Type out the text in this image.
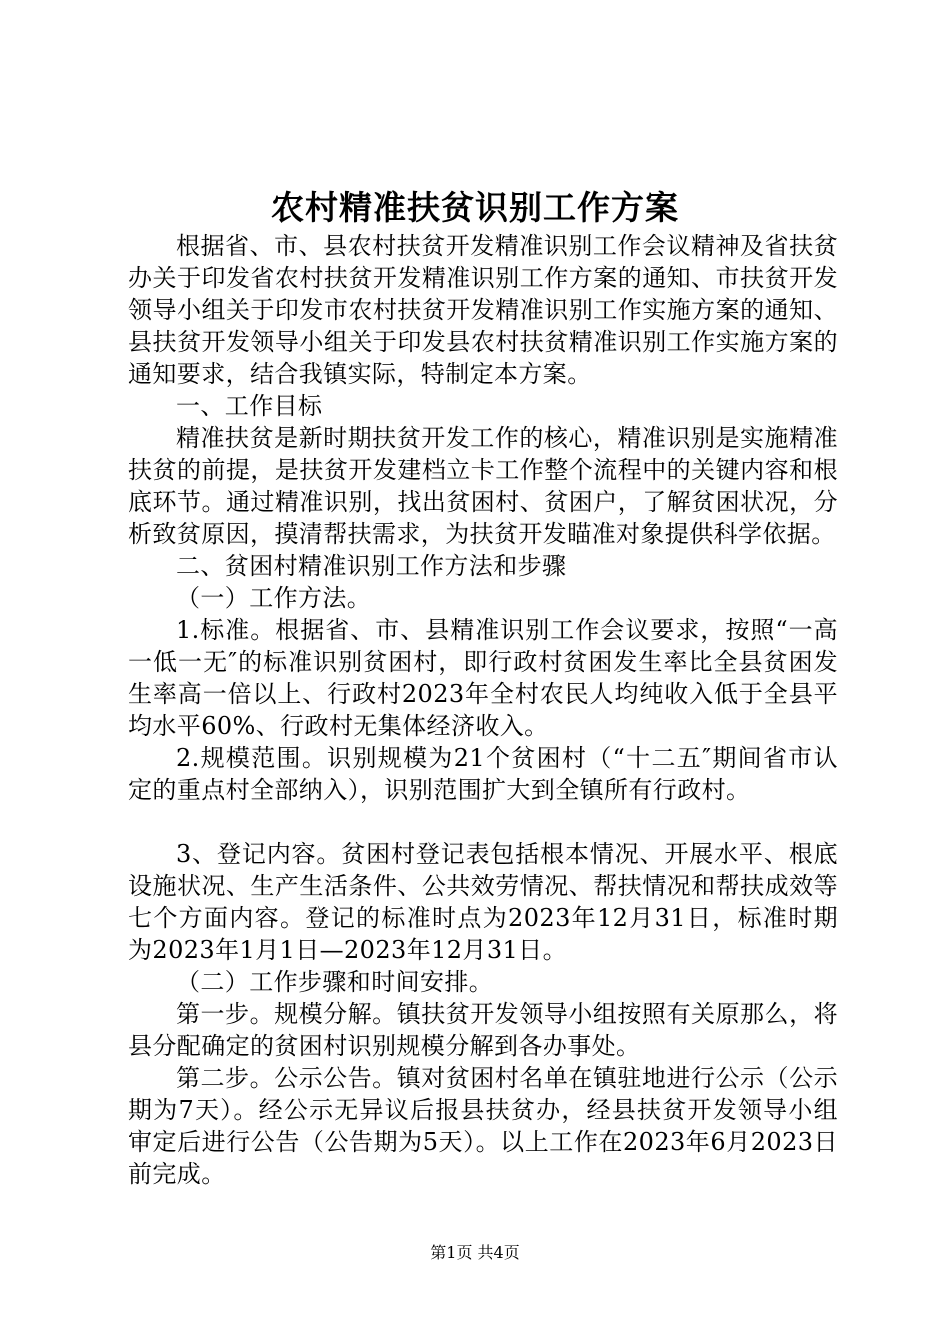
农村精准扶贫识别工作方案

根据省、市、县农村扶贫开发精准识别工作会议精神及省扶贫办关于印发省农村扶贫开发精准识别工作方案的通知、市扶贫开发领导小组关于印发市农村扶贫开发精准识别工作实施方案的通知、县扶贫开发领导小组关于印发县农村扶贫精准识别工作实施方案的通知要求，结合我镇实际，特制定本方案。

一、工作目标

精准扶贫是新时期扶贫开发工作的核心，精准识别是实施精准扶贫的前提，是扶贫开发建档立卡工作整个流程中的关键内容和根底环节。通过精准识别，找出贫困村、贫困户，了解贫困状况，分析致贫原因，摸清帮扶需求，为扶贫开发瞄准对象提供科学依据。

二、贫困村精准识别工作方法和步骤

（一）工作方法。

1.标准。根据省、市、县精准识别工作会议要求，按照“一高一低一无″的标准识别贫困村，即行政村贫困发生率比全县贫困发生率高一倍以上、行政村2023年全村农民人均纯收入低于全县平均水平60%、行政村无集体经济收入。

2.规模范围。识别规模为21个贫困村（“十二五″期间省市认定的重点村全部纳入），识别范围扩大到全镇所有行政村。

3、登记内容。贫困村登记表包括根本情况、开展水平、根底设施状况、生产生活条件、公共效劳情况、帮扶情况和帮扶成效等七个方面内容。登记的标准时点为2023年12月31日，标准时期为2023年1月1日—2023年12月31日。

（二）工作步骤和时间安排。

第一步。规模分解。镇扶贫开发领导小组按照有关原那么，将县分配确定的贫困村识别规模分解到各办事处。

第二步。公示公告。镇对贫困村名单在镇驻地进行公示（公示期为7天）。经公示无异议后报县扶贫办，经县扶贫开发领导小组审定后进行公告（公告期为5天）。以上工作在2023年6月2023日前完成。

第1页 共4页
